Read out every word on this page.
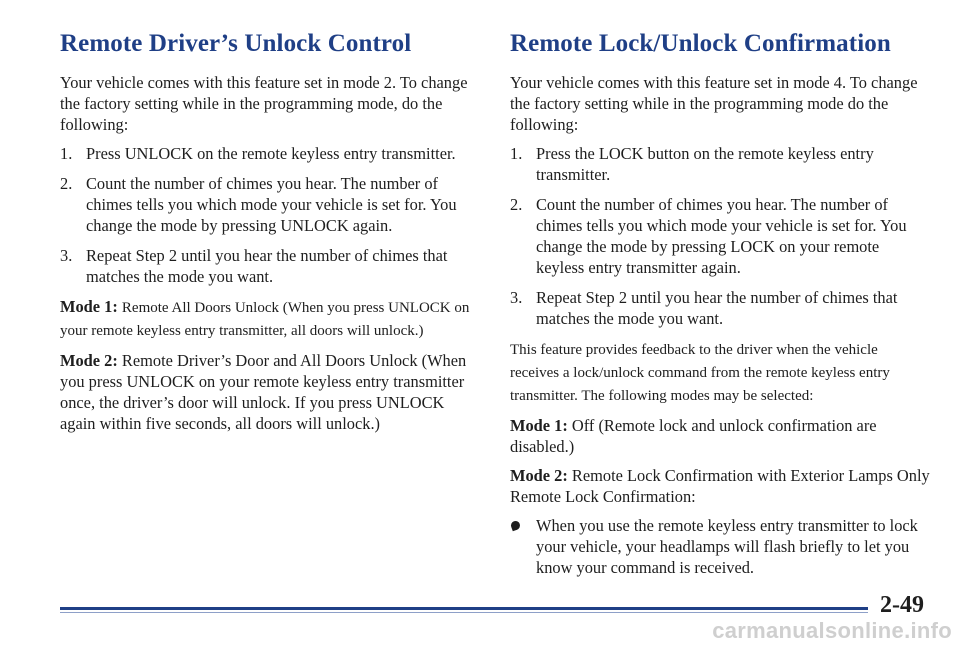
Remote Driver’s Unlock Control

Your vehicle comes with this feature set in mode 2. To change the factory setting while in the programming mode, do the following:

1. Press UNLOCK on the remote keyless entry transmitter.
2. Count the number of chimes you hear. The number of chimes tells you which mode your vehicle is set for. You change the mode by pressing UNLOCK again.
3. Repeat Step 2 until you hear the number of chimes that matches the mode you want.

Mode 1: Remote All Doors Unlock (When you press UNLOCK on your remote keyless entry transmitter, all doors will unlock.)

Mode 2: Remote Driver’s Door and All Doors Unlock (When you press UNLOCK on your remote keyless entry transmitter once, the driver’s door will unlock. If you press UNLOCK again within five seconds, all doors will unlock.)

Remote Lock/Unlock Confirmation

Your vehicle comes with this feature set in mode 4. To change the factory setting while in the programming mode do the following:

1. Press the LOCK button on the remote keyless entry transmitter.
2. Count the number of chimes you hear. The number of chimes tells you which mode your vehicle is set for. You change the mode by pressing LOCK on your remote keyless entry transmitter again.
3. Repeat Step 2 until you hear the number of chimes that matches the mode you want.

This feature provides feedback to the driver when the vehicle receives a lock/unlock command from the remote keyless entry transmitter. The following modes may be selected:

Mode 1: Off (Remote lock and unlock confirmation are disabled.)

Mode 2: Remote Lock Confirmation with Exterior Lamps Only Remote Lock Confirmation:

When you use the remote keyless entry transmitter to lock your vehicle, your headlamps will flash briefly to let you know your command is received.
2-49
carmanualsonline.info
